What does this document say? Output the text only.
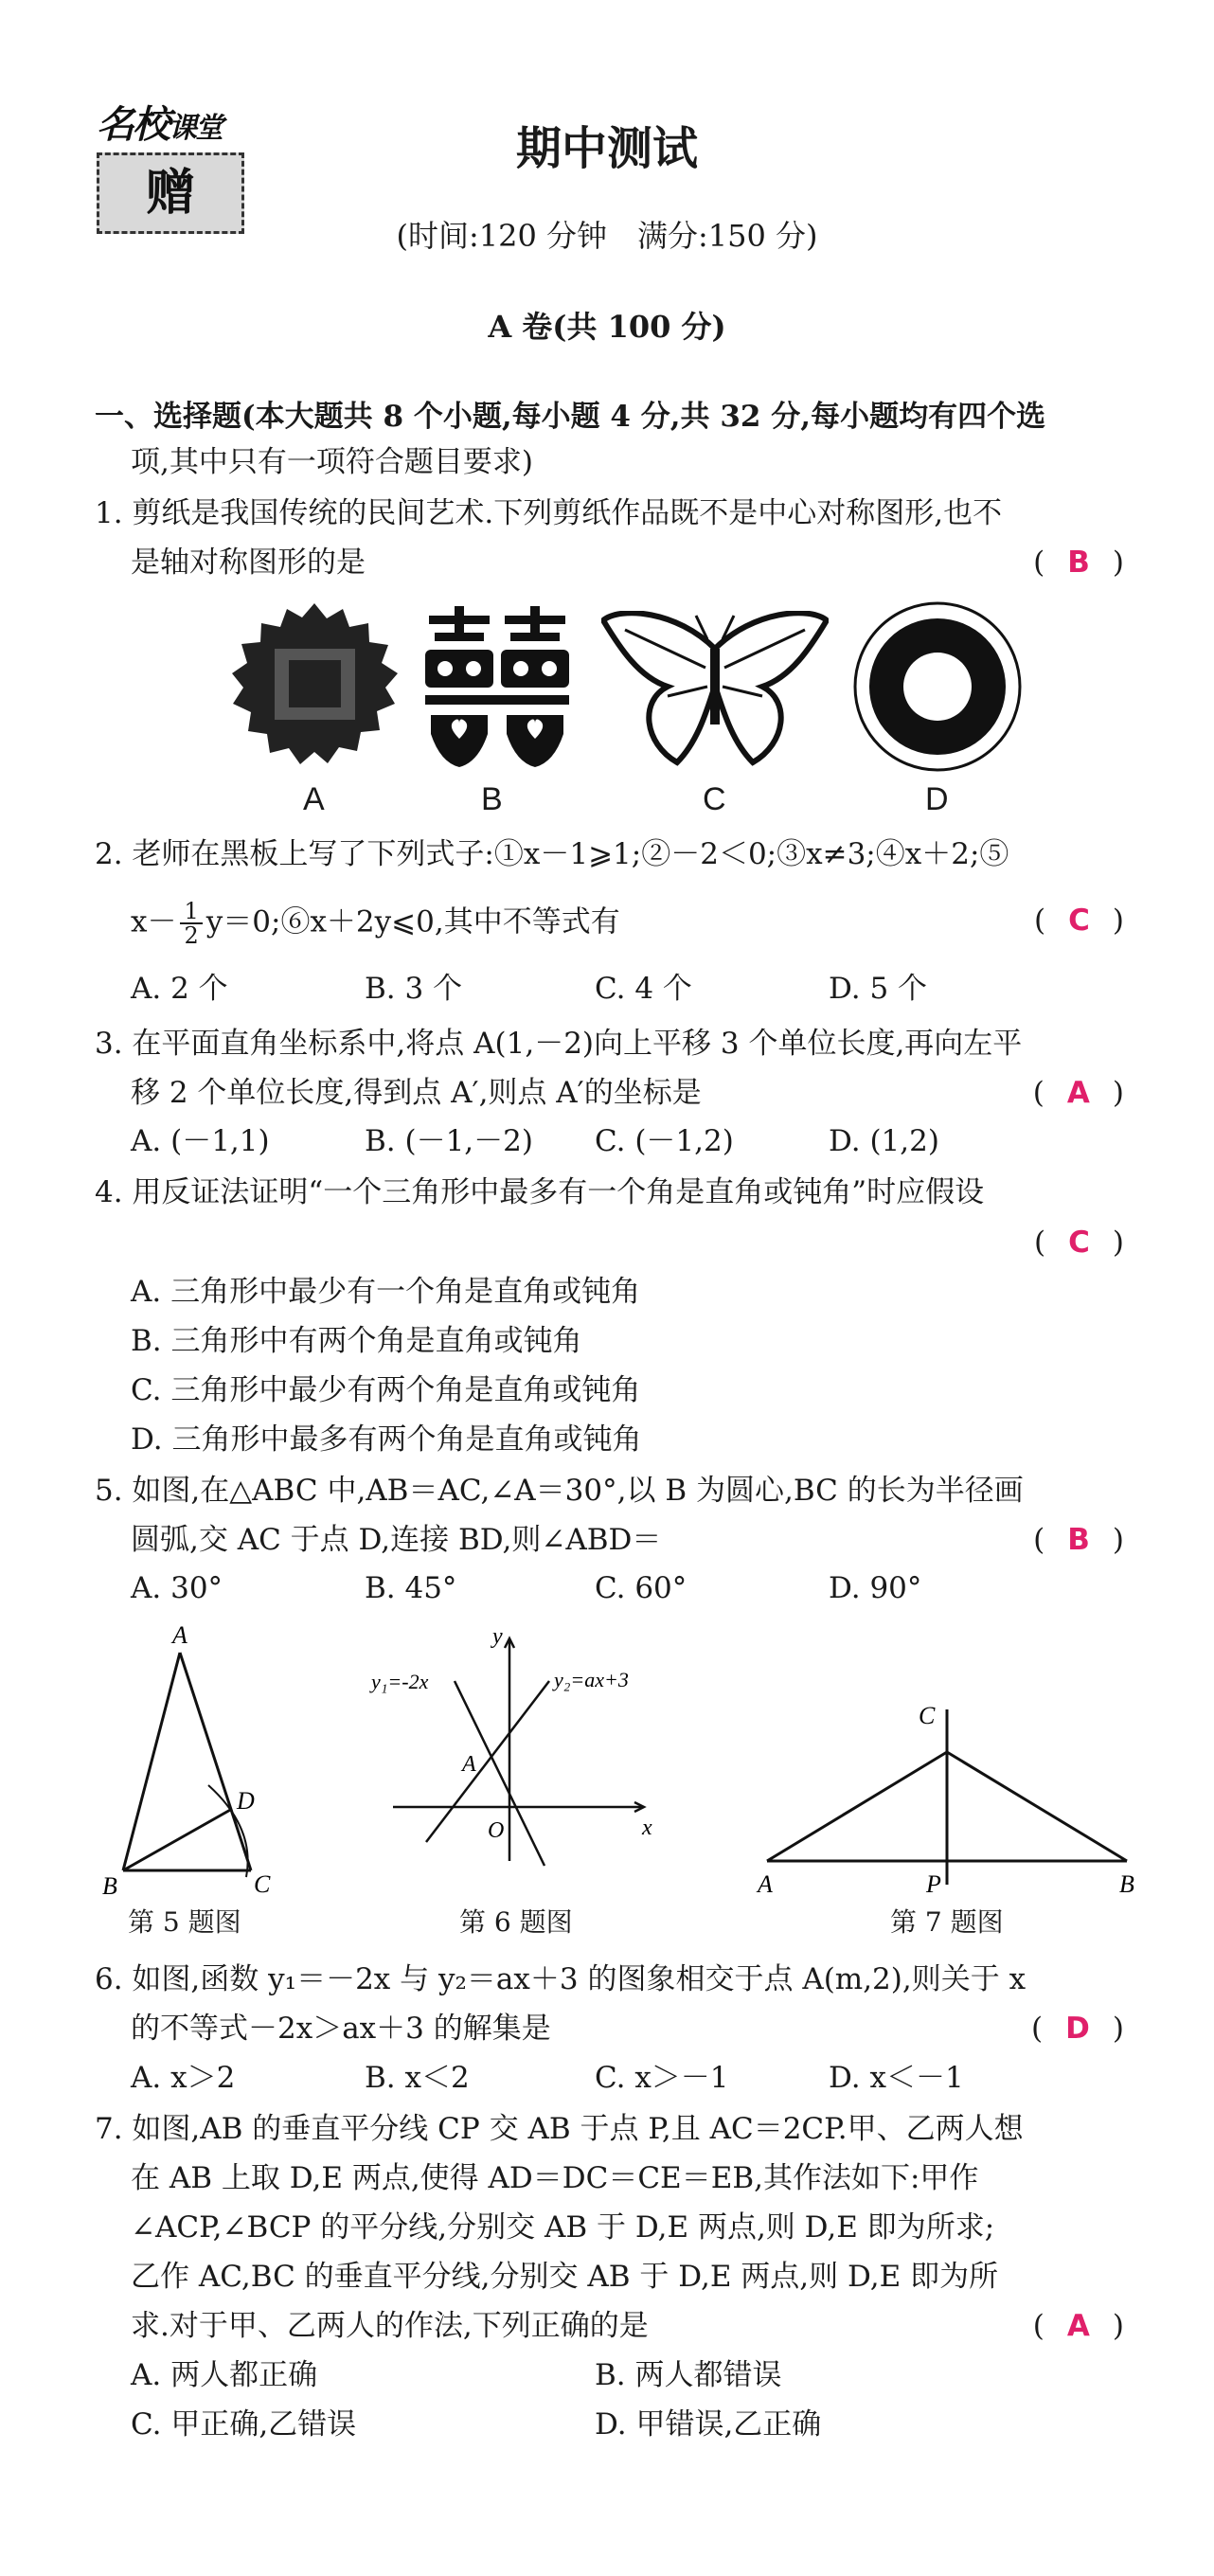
名校课堂
赠
期中测试
(时间:120 分钟　满分:150 分)
A 卷(共 100 分)
一、选择题(本大题共 8 个小题,每小题 4 分,共 32 分,每小题均有四个选
项,其中只有一项符合题目要求)
1. 剪纸是我国传统的民间艺术.下列剪纸作品既不是中心对称图形,也不
是轴对称图形的是	( B )
A	B	C	D
2. 老师在黑板上写了下列式子:①x－1⩾1;②－2＜0;③x≠3;④x＋2;⑤
$x- \frac{1}{2}$ y＝0;⑥x＋2y⩽0,其中不等式有	( C )
A. 2 个	B. 3 个	C. 4 个	D. 5 个
3. 在平面直角坐标系中,将点 A(1,－2)向上平移 3 个单位长度,再向左平
移 2 个单位长度,得到点 A′,则点 A′的坐标是	( A )
A. (－1,1)	B. (－1,－2) C. (－1,2)	D. (1,2)
4. 用反证法证明“一个三角形中最多有一个角是直角或钝角”时应假设
( C )
A. 三角形中最少有一个角是直角或钝角
B. 三角形中有两个角是直角或钝角
C. 三角形中最少有两个角是直角或钝角
D. 三角形中最多有两个角是直角或钝角
5. 如图,在△ABC 中,AB＝AC,∠A＝30°,以 B 为圆心,BC 的长为半径画
圆弧,交 AC 于点 D,连接 BD,则∠ABD＝	( B )
A. 30°	B. 45°	C. 60°	D. 90°
A
B	C
D
第 5 题图
y
x
O
A
y₁=-2x	y₂=ax+3
第 6 题图
C
A	P	B
第 7 题图
6. 如图,函数 y₁＝－2x 与 y₂＝ax＋3 的图象相交于点 A(m,2),则关于 x
的不等式－2x＞ax＋3 的解集是	( D )
A. x＞2	B. x＜2	C. x＞－1	D. x＜－1
7. 如图,AB 的垂直平分线 CP 交 AB 于点 P,且 AC＝2CP.甲、乙两人想
在 AB 上取 D,E 两点,使得 AD＝DC＝CE＝EB,其作法如下:甲作
∠ACP,∠BCP 的平分线,分别交 AB 于 D,E 两点,则 D,E 即为所求;
乙作 AC,BC 的垂直平分线,分别交 AB 于 D,E 两点,则 D,E 即为所
求.对于甲、乙两人的作法,下列正确的是	( A )
A. 两人都正确	B. 两人都错误
C. 甲正确,乙错误	D. 甲错误,乙正确
